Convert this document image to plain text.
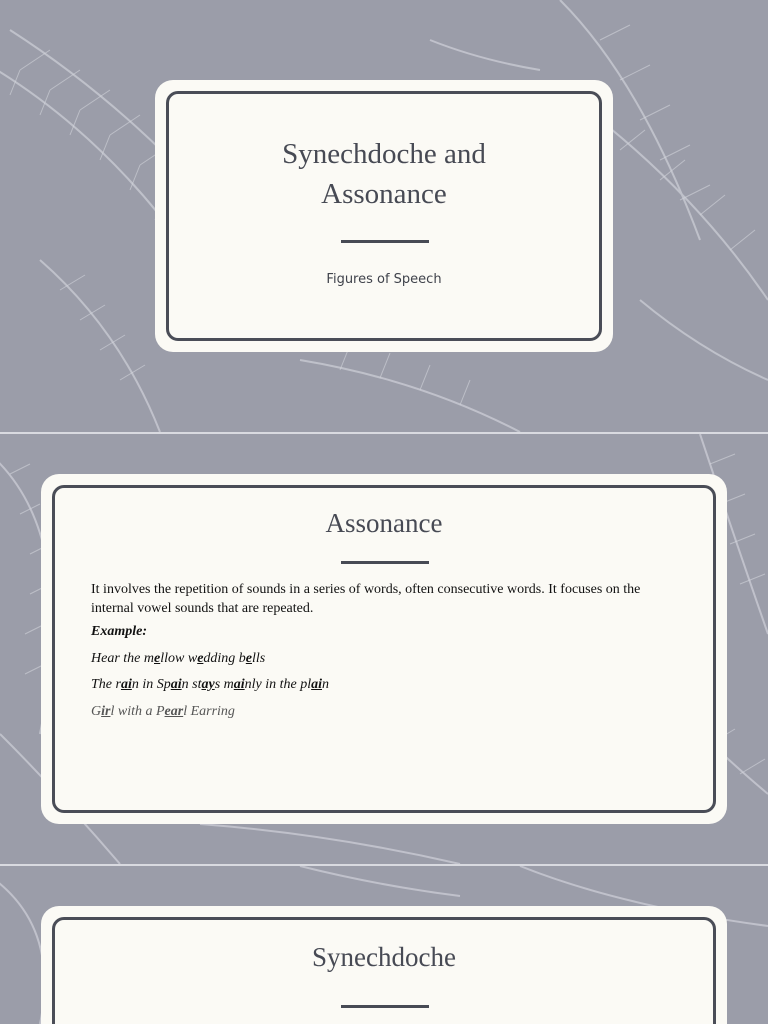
Synechdoche and
Assonance
Figures of Speech
Assonance
It involves the repetition of sounds in a series of words, often consecutive words. It focuses on the internal vowel sounds that are repeated.
Example:
Hear the mellow wedding bells
The rain in Spain stays mainly in the plain
Girl with a Pearl Earring
Synechdoche
